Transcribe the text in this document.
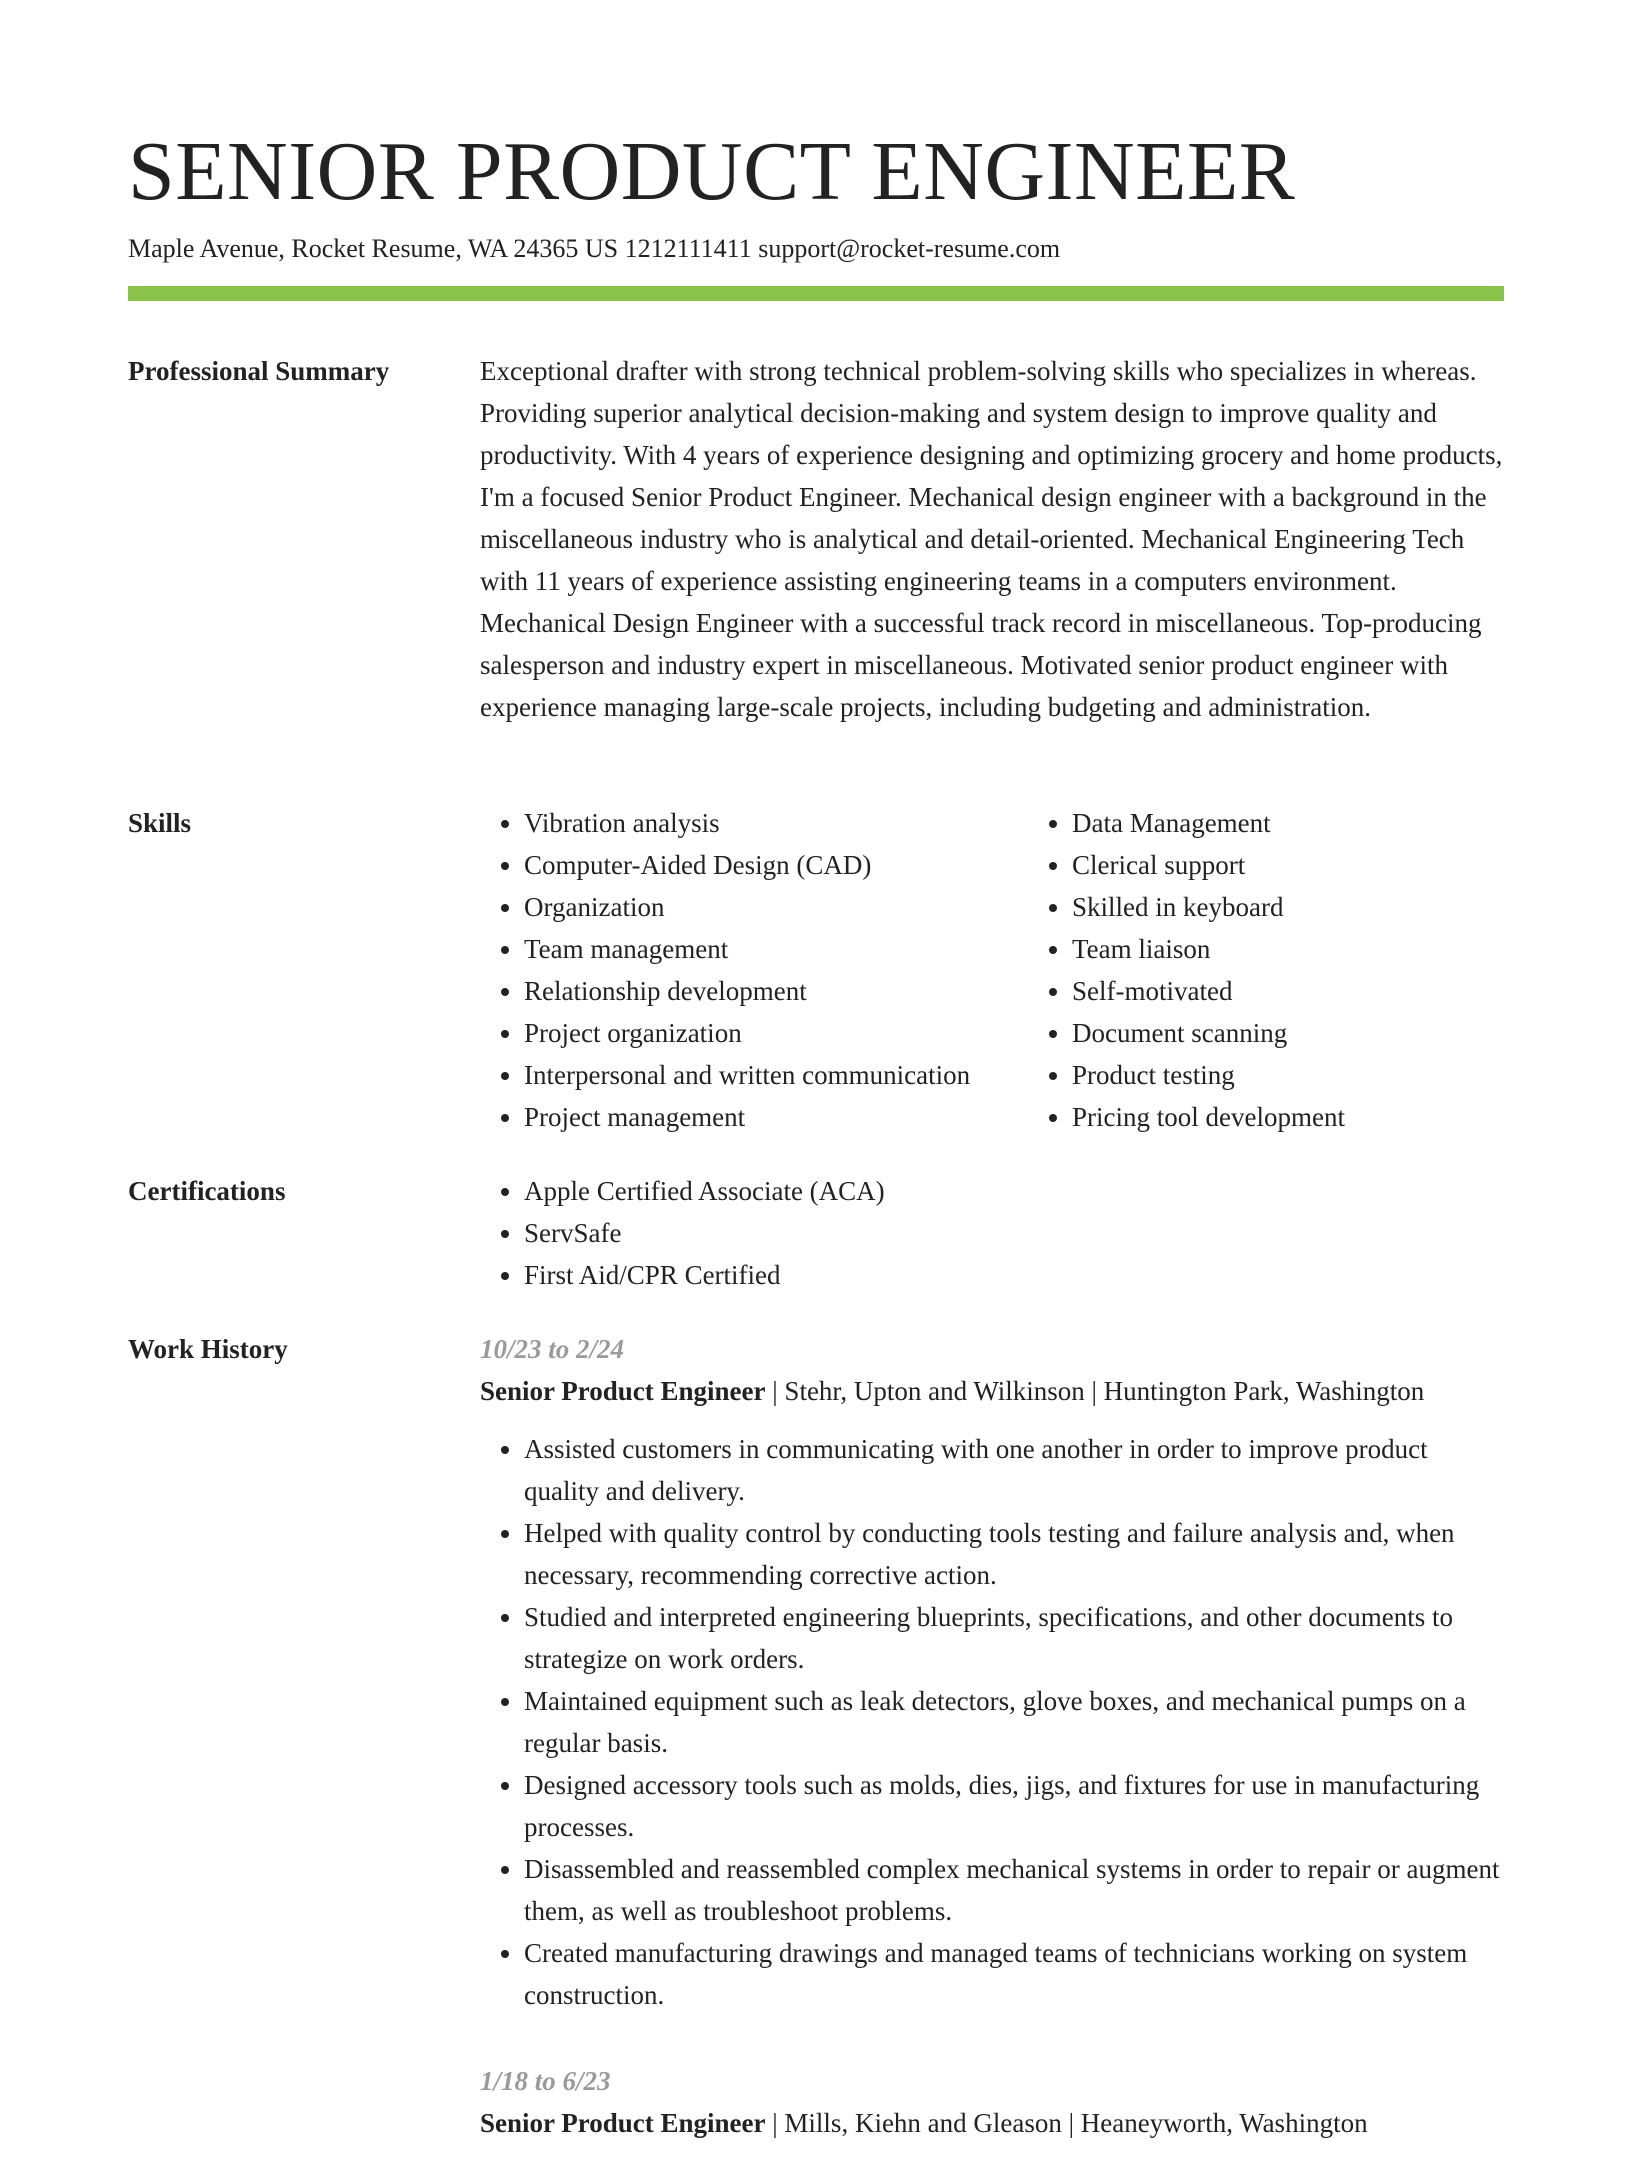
SENIOR PRODUCT ENGINEER
Maple Avenue, Rocket Resume, WA 24365 US 1212111411 support@rocket-resume.com
Professional Summary	Exceptional drafter with strong technical problem-solving skills who specializes in whereas. Providing superior analytical decision-making and system design to improve quality and productivity. With 4 years of experience designing and optimizing grocery and home products, I'm a focused Senior Product Engineer. Mechanical design engineer with a background in the miscellaneous industry who is analytical and detail-oriented. Mechanical Engineering Tech with 11 years of experience assisting engineering teams in a computers environment. Mechanical Design Engineer with a successful track record in miscellaneous. Top-producing salesperson and industry expert in miscellaneous. Motivated senior product engineer with experience managing large-scale projects, including budgeting and administration.

Skills	• Vibration analysis
• Computer-Aided Design (CAD)
• Organization
• Team management
• Relationship development
• Project organization
• Interpersonal and written communication
• Project management
• Data Management
• Clerical support
• Skilled in keyboard
• Team liaison
• Self-motivated
• Document scanning
• Product testing
• Pricing tool development
Certifications	• Apple Certified Associate (ACA)
• ServSafe
• First Aid/CPR Certified
Work History	10/23 to 2/24
Senior Product Engineer | Stehr, Upton and Wilkinson | Huntington Park, Washington
• Assisted customers in communicating with one another in order to improve product quality and delivery.
• Helped with quality control by conducting tools testing and failure analysis and, when necessary, recommending corrective action.
• Studied and interpreted engineering blueprints, specifications, and other documents to strategize on work orders.
• Maintained equipment such as leak detectors, glove boxes, and mechanical pumps on a regular basis.
• Designed accessory tools such as molds, dies, jigs, and fixtures for use in manufacturing processes.
• Disassembled and reassembled complex mechanical systems in order to repair or augment them, as well as troubleshoot problems.
• Created manufacturing drawings and managed teams of technicians working on system construction.
1/18 to 6/23
Senior Product Engineer | Mills, Kiehn and Gleason | Heaneyworth, Washington
